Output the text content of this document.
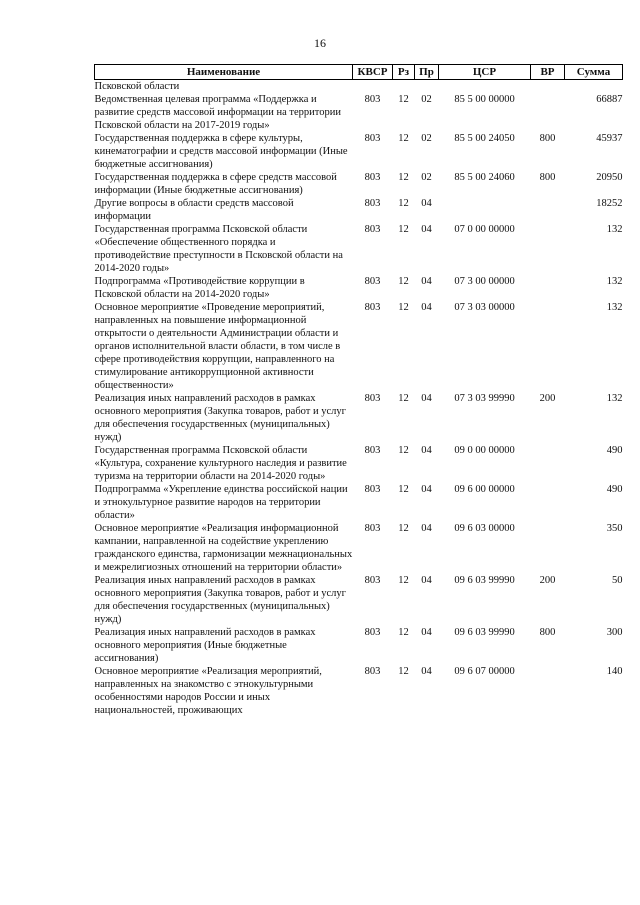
16
Наименование	КВСР	Рз	Пр	ЦСР	ВР	Сумма
Псковской области						
Ведомственная целевая программа «Поддержка и развитие средств массовой информации на территории Псковской области на 2017-2019 годы»	803	12	02	85 5 00 00000		66887
Государственная поддержка в сфере культуры, кинематографии и средств массовой информации (Иные бюджетные ассигнования)	803	12	02	85 5 00 24050	800	45937
Государственная поддержка в сфере средств массовой информации (Иные бюджетные ассигнования)	803	12	02	85 5 00 24060	800	20950
Другие вопросы в области средств массовой информации	803	12	04			18252
Государственная программа Псковской области «Обеспечение общественного порядка и противодействие преступности в Псковской области на 2014-2020 годы»	803	12	04	07 0 00 00000		132
Подпрограмма «Противодействие коррупции в Псковской области на 2014-2020 годы»	803	12	04	07 3 00 00000		132
Основное мероприятие «Проведение мероприятий, направленных на повышение информационной открытости о деятельности Администрации области и органов исполнительной власти области, в том числе в сфере противодействия коррупции, направленного на стимулирование антикоррупционной активности общественности»	803	12	04	07 3 03 00000		132
Реализация иных направлений расходов в рамках основного мероприятия (Закупка товаров, работ и услуг для обеспечения государственных (муниципальных) нужд)	803	12	04	07 3 03 99990	200	132
Государственная программа Псковской области «Культура, сохранение культурного наследия и развитие туризма на территории области на 2014-2020 годы»	803	12	04	09 0 00 00000		490
Подпрограмма «Укрепление единства российской нации и этнокультурное развитие народов на территории области»	803	12	04	09 6 00 00000		490
Основное мероприятие «Реализация информационной кампании, направленной на содействие укреплению гражданского единства, гармонизации межнациональных и межрелигиозных отношений на территории области»	803	12	04	09 6 03 00000		350
Реализация иных направлений расходов в рамках основного мероприятия (Закупка товаров, работ и услуг для обеспечения государственных (муниципальных) нужд)	803	12	04	09 6 03 99990	200	50
Реализация иных направлений расходов в рамках основного мероприятия (Иные бюджетные ассигнования)	803	12	04	09 6 03 99990	800	300
Основное мероприятие «Реализация мероприятий, направленных на знакомство с этнокультурными особенностями народов России и иных национальностей, проживающих	803	12	04	09 6 07 00000		140
